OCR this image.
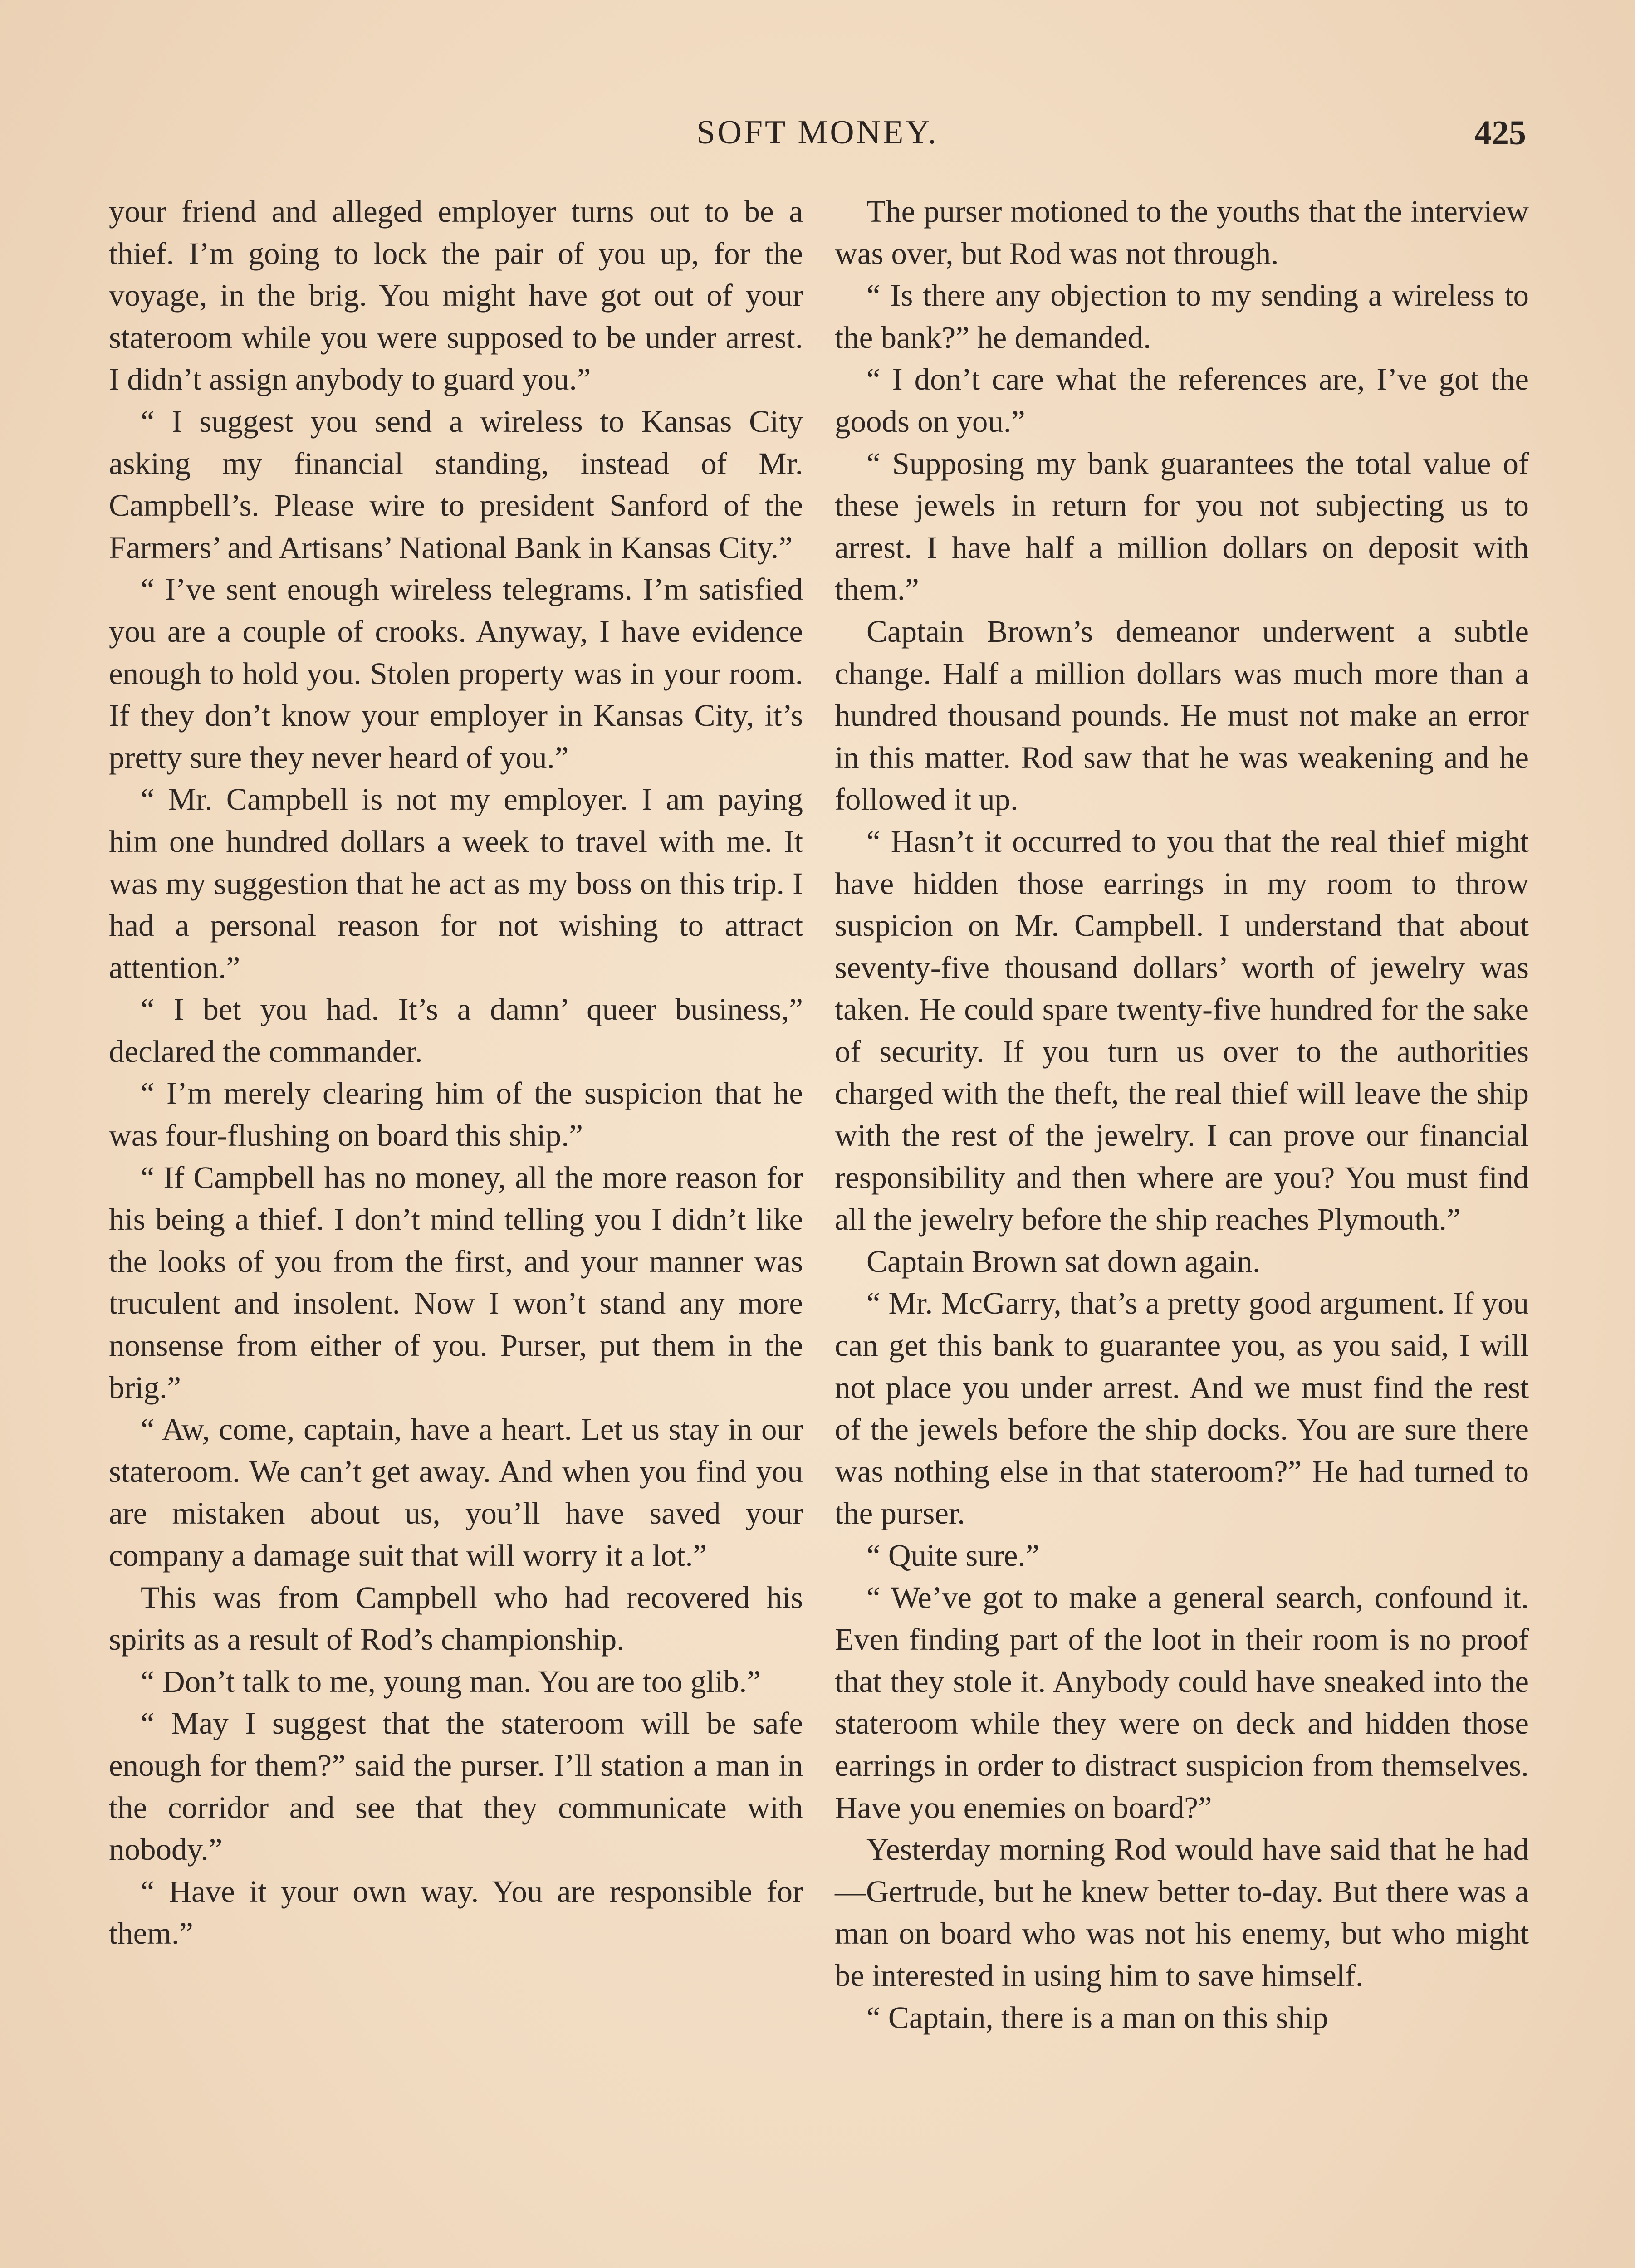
SOFT MONEY.	425

your friend and alleged employer turns out to be a thief. I’m going to lock the pair of you up, for the voyage, in the brig. You might have got out of your stateroom while you were supposed to be under arrest. I didn’t assign anybody to guard you.”

“ I suggest you send a wireless to Kansas City asking my financial standing, instead of Mr. Campbell’s. Please wire to president Sanford of the Farmers’ and Artisans’ National Bank in Kansas City.”

“ I’ve sent enough wireless telegrams. I’m satisfied you are a couple of crooks. Anyway, I have evidence enough to hold you. Stolen property was in your room. If they don’t know your employer in Kansas City, it’s pretty sure they never heard of you.”

“ Mr. Campbell is not my employer. I am paying him one hundred dollars a week to travel with me. It was my suggestion that he act as my boss on this trip. I had a personal reason for not wishing to attract attention.”

“ I bet you had. It’s a damn’ queer business,” declared the commander.

“ I’m merely clearing him of the suspicion that he was four-flushing on board this ship.”

“ If Campbell has no money, all the more reason for his being a thief. I don’t mind telling you I didn’t like the looks of you from the first, and your manner was truculent and insolent. Now I won’t stand any more nonsense from either of you. Purser, put them in the brig.”

“ Aw, come, captain, have a heart. Let us stay in our stateroom. We can’t get away. And when you find you are mistaken about us, you’ll have saved your company a damage suit that will worry it a lot.”

This was from Campbell who had recovered his spirits as a result of Rod’s championship.

“ Don’t talk to me, young man. You are too glib.”

“ May I suggest that the stateroom will be safe enough for them?” said the purser. I’ll station a man in the corridor and see that they communicate with nobody.”

“ Have it your own way. You are responsible for them.”

The purser motioned to the youths that the interview was over, but Rod was not through.

“ Is there any objection to my sending a wireless to the bank?” he demanded.

“ I don’t care what the references are, I’ve got the goods on you.”

“ Supposing my bank guarantees the total value of these jewels in return for you not subjecting us to arrest. I have half a million dollars on deposit with them.”

Captain Brown’s demeanor underwent a subtle change. Half a million dollars was much more than a hundred thousand pounds. He must not make an error in this matter. Rod saw that he was weakening and he followed it up.

“ Hasn’t it occurred to you that the real thief might have hidden those earrings in my room to throw suspicion on Mr. Campbell. I understand that about seventy-five thousand dollars’ worth of jewelry was taken. He could spare twenty-five hundred for the sake of security. If you turn us over to the authorities charged with the theft, the real thief will leave the ship with the rest of the jewelry. I can prove our financial responsibility and then where are you? You must find all the jewelry before the ship reaches Plymouth.”

Captain Brown sat down again.

“ Mr. McGarry, that’s a pretty good argument. If you can get this bank to guarantee you, as you said, I will not place you under arrest. And we must find the rest of the jewels before the ship docks. You are sure there was nothing else in that stateroom?” He had turned to the purser.

“ Quite sure.”

“ We’ve got to make a general search, confound it. Even finding part of the loot in their room is no proof that they stole it. Anybody could have sneaked into the stateroom while they were on deck and hidden those earrings in order to distract suspicion from themselves. Have you enemies on board?”

Yesterday morning Rod would have said that he had—Gertrude, but he knew better to-day. But there was a man on board who was not his enemy, but who might be interested in using him to save himself.

“ Captain, there is a man on this ship
